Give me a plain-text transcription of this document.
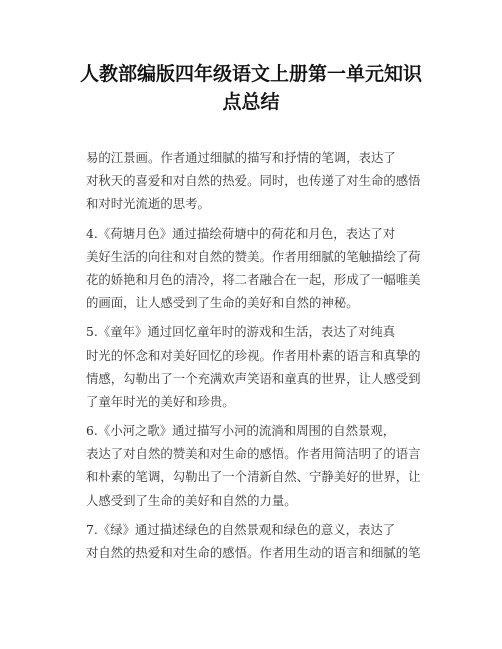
人教部编版四年级语文上册第一单元知识
点总结
易的江景画。作者通过细腻的描写和抒情的笔调，表达了
对秋天的喜爱和对自然的热爱。同时，也传递了对生命的感悟
和对时光流逝的思考。
4.《荷塘月色》通过描绘荷塘中的荷花和月色，表达了对
美好生活的向往和对自然的赞美。作者用细腻的笔触描绘了荷
花的娇艳和月色的清冷，将二者融合在一起，形成了一幅唯美
的画面，让人感受到了生命的美好和自然的神秘。
5.《童年》通过回忆童年时的游戏和生活，表达了对纯真
时光的怀念和对美好回忆的珍视。作者用朴素的语言和真挚的
情感，勾勒出了一个充满欢声笑语和童真的世界，让人感受到
了童年时光的美好和珍贵。
6.《小河之歌》通过描写小河的流淌和周围的自然景观，
表达了对自然的赞美和对生命的感悟。作者用简洁明了的语言
和朴素的笔调，勾勒出了一个清新自然、宁静美好的世界，让
人感受到了生命的美好和自然的力量。
7.《绿》通过描述绿色的自然景观和绿色的意义，表达了
对自然的热爱和对生命的感悟。作者用生动的语言和细腻的笔
